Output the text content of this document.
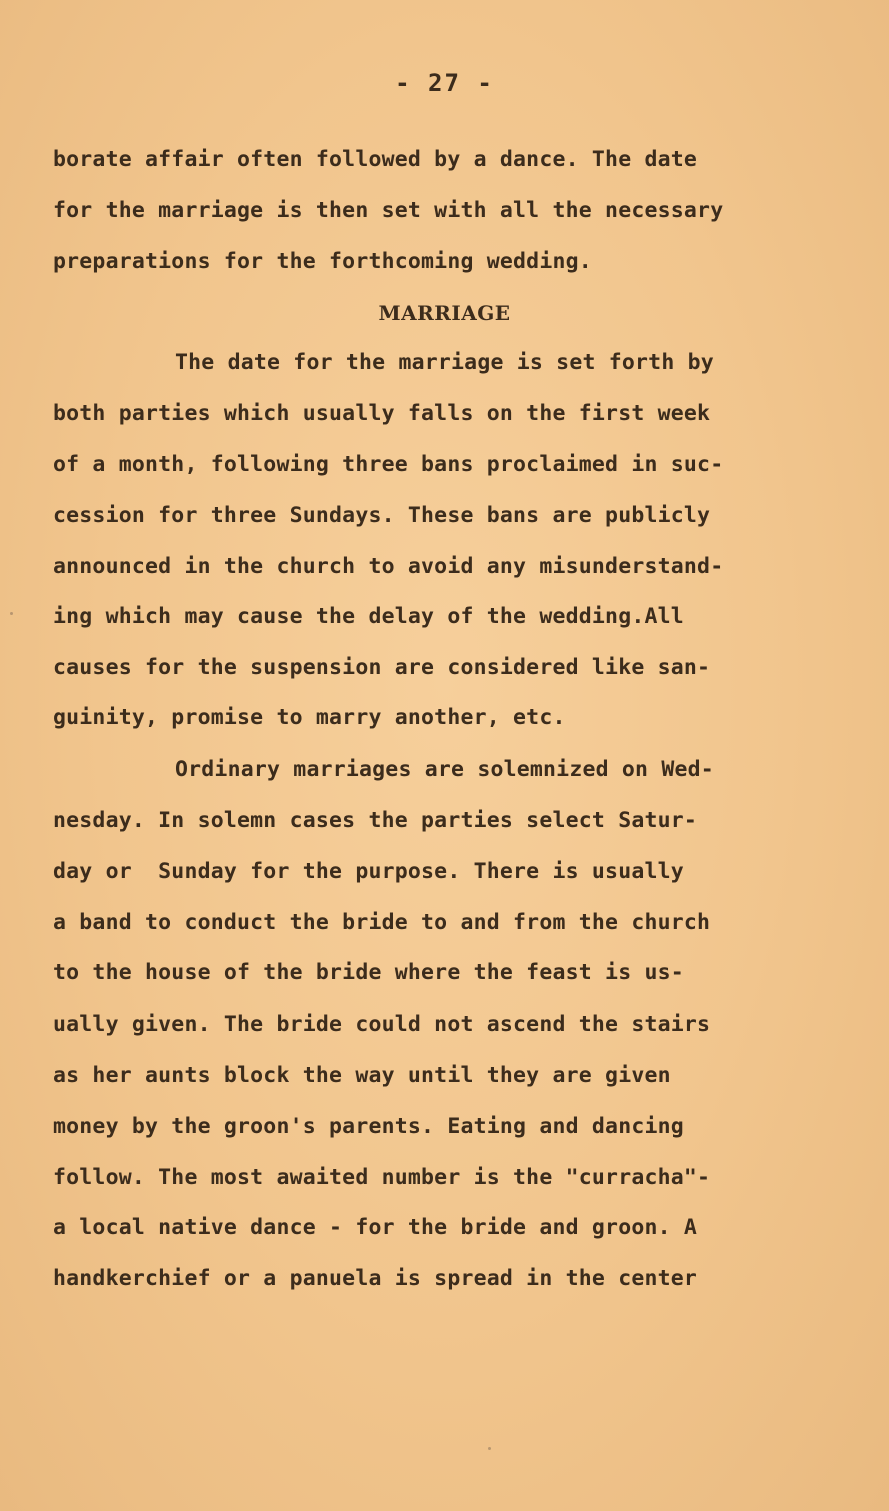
- 27 -
borate affair often followed by a dance. The date
for the marriage is then set with all the necessary
preparations for the forthcoming wedding.
MARRIAGE
The date for the marriage is set forth by
both parties which usually falls on the first week
of a month, following three bans proclaimed in suc-
cession for three Sundays. These bans are publicly
announced in the church to avoid any misunderstand-
ing which may cause the delay of the wedding.All
causes for the suspension are considered like san-
guinity, promise to marry another, etc.
Ordinary marriages are solemnized on Wed-
nesday. In solemn cases the parties select Satur-
day or  Sunday for the purpose. There is usually
a band to conduct the bride to and from the church
to the house of the bride where the feast is us-
ually given. The bride could not ascend the stairs
as her aunts block the way until they are given
money by the groon's parents. Eating and dancing
follow. The most awaited number is the "curracha"-
a local native dance - for the bride and groon. A
handkerchief or a panuela is spread in the center
